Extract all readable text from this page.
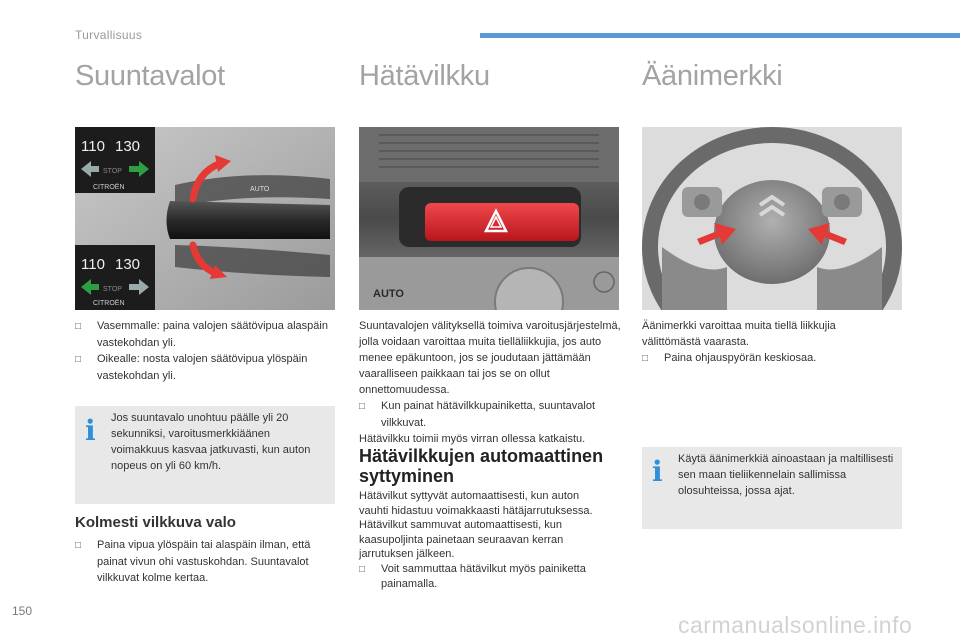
Turvallisuus
Suuntavalot	Hätävilkku	Äänimerkki
110 130
STOP
CITROËN
110 130
STOP
CITROËN
AUTO
AUTO

□ Vasemmalle: paina valojen säätövipua alaspäin vastekohdan yli.

□ Oikealle: nosta valojen säätövipua ylöspäin vastekohdan yli.

i Jos suuntavalo unohtuu päälle yli 20 sekunniksi, varoitusmerkkiäänen voimakkuus kasvaa jatkuvasti, kun auton nopeus on yli 60 km/h.
Kolmesti vilkkuva valo

□ Paina vipua ylöspäin tai alaspäin ilman, että painat vivun ohi vastuskohdan. Suuntavalot vilkkuvat kolme kertaa.

Suuntavalojen välityksellä toimiva varoitusjärjestelmä, jolla voidaan varoittaa muita tielläliikkujia, jos auto menee epäkuntoon, jos se joudutaan jättämään vaaralliseen paikkaan tai jos se on ollut onnettomuudessa.

□ Kun painat hätävilkkupainiketta, suuntavalot vilkkuvat.

Hätävilkku toimii myös virran ollessa katkaistu.

Hätävilkkujen automaattinen syttyminen

Hätävilkut syttyvät automaattisesti, kun auton vauhti hidastuu voimakkaasti hätäjarrutuksessa.

Hätävilkut sammuvat automaattisesti, kun kaasupoljinta painetaan seuraavan kerran jarrutuksen jälkeen.

□ Voit sammuttaa hätävilkut myös painiketta painamalla.

Äänimerkki varoittaa muita tiellä liikkujia välittömästä vaarasta.

□ Paina ohjauspyörän keskiosaa.

i Käytä äänimerkkiä ainoastaan ja maltillisesti sen maan tieliikennelain sallimissa olosuhteissa, jossa ajat.
150
carmanualsonline.info
